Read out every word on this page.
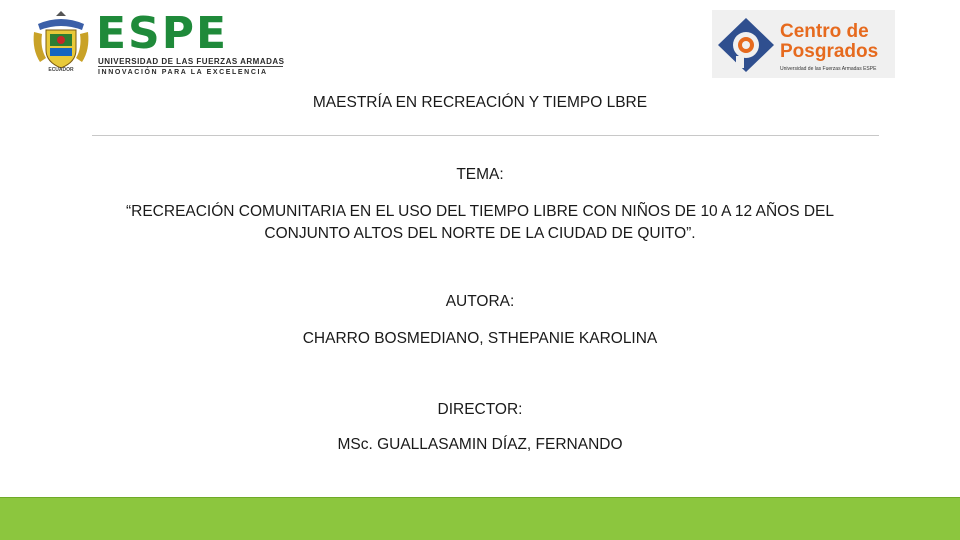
ECUADOR
ESPE
UNIVERSIDAD DE LAS FUERZAS ARMADAS
INNOVACIÓN PARA LA EXCELENCIA
Centro de
Posgrados
Universidad de las Fuerzas Armadas ESPE
MAESTRÍA EN RECREACIÓN Y TIEMPO LBRE
TEMA:
“RECREACIÓN COMUNITARIA EN EL USO DEL TIEMPO LIBRE CON NIÑOS DE 10 A 12 AÑOS DEL
CONJUNTO ALTOS DEL NORTE DE LA CIUDAD DE QUITO”.
AUTORA:
CHARRO BOSMEDIANO, STHEPANIE KAROLINA
DIRECTOR:
MSc. GUALLASAMIN DÍAZ, FERNANDO
